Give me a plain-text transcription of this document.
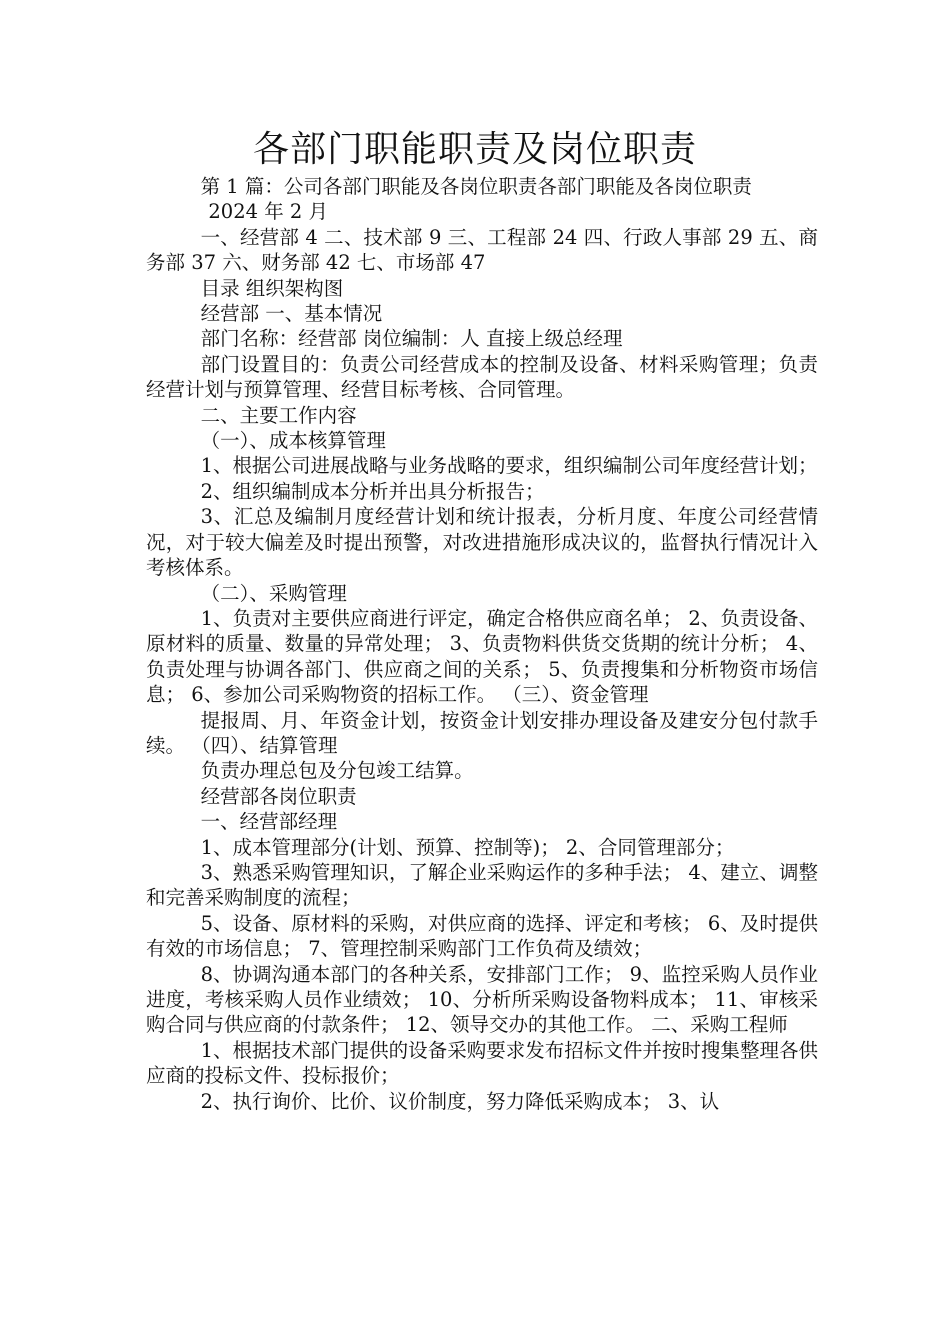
各部门职能职责及岗位职责

第 1 篇：公司各部门职能及各岗位职责各部门职能及各岗位职责

2024 年 2 月

一、经营部 4 二、技术部 9 三、工程部 24 四、行政人事部 29 五、商务部 37 六、财务部 42 七、市场部 47

目录 组织架构图

经营部 一、基本情况

部门名称：经营部 岗位编制：人 直接上级总经理

部门设置目的：负责公司经营成本的控制及设备、材料采购管理；负责经营计划与预算管理、经营目标考核、合同管理。

二、主要工作内容

（一）、成本核算管理

1、根据公司进展战略与业务战略的要求，组织编制公司年度经营计划；

2、组织编制成本分析并出具分析报告；

3、汇总及编制月度经营计划和统计报表，分析月度、年度公司经营情况，对于较大偏差及时提出预警，对改进措施形成决议的，监督执行情况计入考核体系。

（二）、采购管理

1、负责对主要供应商进行评定，确定合格供应商名单； 2、负责设备、原材料的质量、数量的异常处理； 3、负责物料供货交货期的统计分析； 4、负责处理与协调各部门、供应商之间的关系； 5、负责搜集和分析物资市场信息； 6、参加公司采购物资的招标工作。 （三）、资金管理

提报周、月、年资金计划，按资金计划安排办理设备及建安分包付款手续。 （四）、结算管理

负责办理总包及分包竣工结算。

经营部各岗位职责

一、经营部经理

1、成本管理部分(计划、预算、控制等)； 2、合同管理部分；

3、熟悉采购管理知识，了解企业采购运作的多种手法； 4、建立、调整和完善采购制度的流程；

5、设备、原材料的采购，对供应商的选择、评定和考核； 6、及时提供有效的市场信息； 7、管理控制采购部门工作负荷及绩效；

8、协调沟通本部门的各种关系，安排部门工作； 9、监控采购人员作业进度，考核采购人员作业绩效； 10、分析所采购设备物料成本； 11、审核采购合同与供应商的付款条件； 12、领导交办的其他工作。 二、采购工程师

1、根据技术部门提供的设备采购要求发布招标文件并按时搜集整理各供应商的投标文件、投标报价；

2、执行询价、比价、议价制度，努力降低采购成本； 3、认
